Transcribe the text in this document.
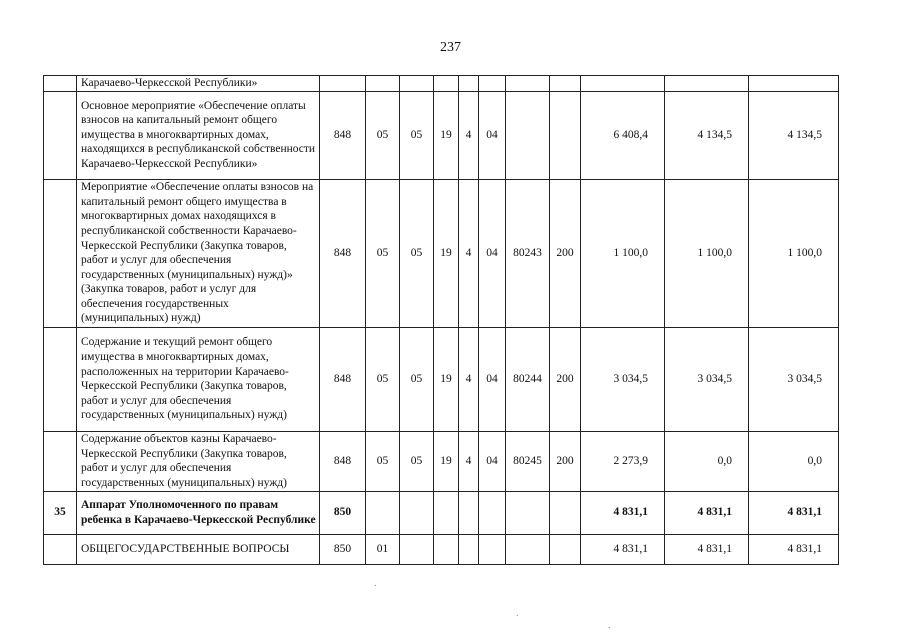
237
	Карачаево-Черкесской Республики»											
	Основное мероприятие «Обеспечение оплаты взносов на капитальный ремонт общего имущества в многоквартирных домах, находящихся в республиканской собственности Карачаево-Черкесской Республики»	848	05	05	19	4	04			6 408,4	4 134,5	4 134,5
	Мероприятие «Обеспечение оплаты взносов на капитальный ремонт общего имущества в многоквартирных домах находящихся в республиканской собственности Карачаево-Черкесской Республики (Закупка товаров, работ и услуг для обеспечения государственных (муниципальных) нужд)» (Закупка товаров, работ и услуг для обеспечения государственных (муниципальных) нужд)	848	05	05	19	4	04	80243	200	1 100,0	1 100,0	1 100,0
	Содержание и текущий ремонт общего имущества в многоквартирных домах, расположенных на территории Карачаево-Черкесской Республики (Закупка товаров, работ и услуг для обеспечения государственных (муниципальных) нужд)	848	05	05	19	4	04	80244	200	3 034,5	3 034,5	3 034,5
	Содержание объектов казны Карачаево-Черкесской Республики (Закупка товаров, работ и услуг для обеспечения государственных (муниципальных) нужд)	848	05	05	19	4	04	80245	200	2 273,9	0,0	0,0
35	Аппарат Уполномоченного по правам ребенка в Карачаево-Черкесской Республике	850								4 831,1	4 831,1	4 831,1
	ОБЩЕГОСУДАРСТВЕННЫЕ ВОПРОСЫ	850	01							4 831,1	4 831,1	4 831,1
.
.
.
